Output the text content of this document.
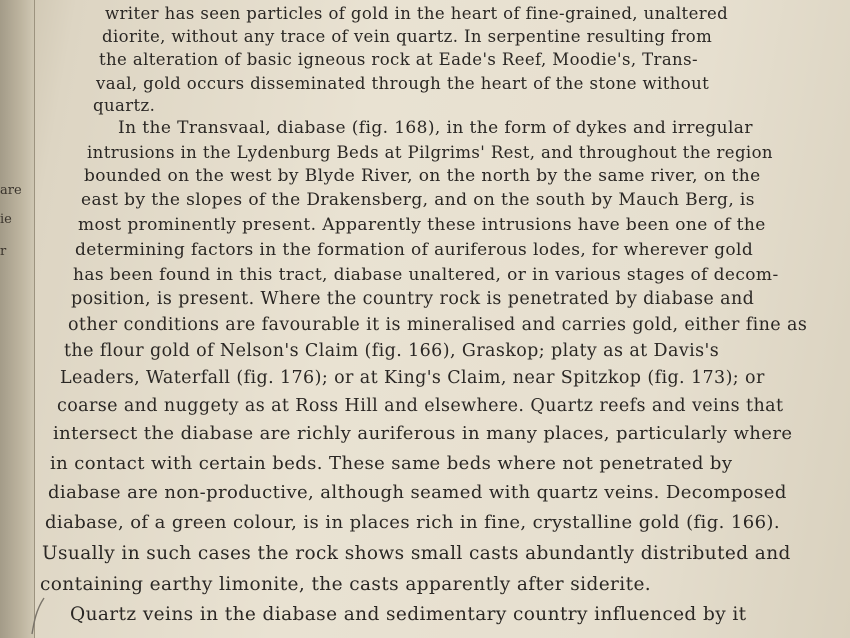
are
ie
r
writer has seen particles of gold in the heart of fine-grained, unaltered
diorite, without any trace of vein quartz. In serpentine resulting from
the alteration of basic igneous rock at Eade's Reef, Moodie's, Trans-
vaal, gold occurs disseminated through the heart of the stone without
quartz.
In the Transvaal, diabase (fig. 168), in the form of dykes and irregular
intrusions in the Lydenburg Beds at Pilgrims' Rest, and throughout the region
bounded on the west by Blyde River, on the north by the same river, on the
east by the slopes of the Drakensberg, and on the south by Mauch Berg, is
most prominently present. Apparently these intrusions have been one of the
determining factors in the formation of auriferous lodes, for wherever gold
has been found in this tract, diabase unaltered, or in various stages of decom-
position, is present. Where the country rock is penetrated by diabase and
other conditions are favourable it is mineralised and carries gold, either fine as
the flour gold of Nelson's Claim (fig. 166), Graskop; platy as at Davis's
Leaders, Waterfall (fig. 176); or at King's Claim, near Spitzkop (fig. 173); or
coarse and nuggety as at Ross Hill and elsewhere. Quartz reefs and veins that
intersect the diabase are richly auriferous in many places, particularly where
in contact with certain beds. These same beds where not penetrated by
diabase are non-productive, although seamed with quartz veins. Decomposed
diabase, of a green colour, is in places rich in fine, crystalline gold (fig. 166).
Usually in such cases the rock shows small casts abundantly distributed and
containing earthy limonite, the casts apparently after siderite.
Quartz veins in the diabase and sedimentary country influenced by it
